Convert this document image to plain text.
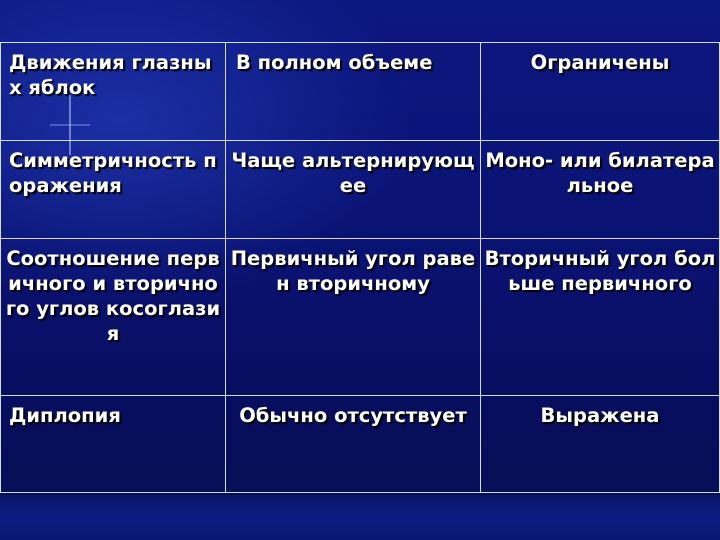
Движения глазных яблок	В полном объеме	Ограничены
Симметричность поражения	Чаще альтернирующее	Моно- или билатеральное
Соотношение первичного и вторичного углов косоглазия	Первичный угол равен вторичному	Вторичный угол больше первичного
Диплопия	Обычно отсутствует	Выражена
